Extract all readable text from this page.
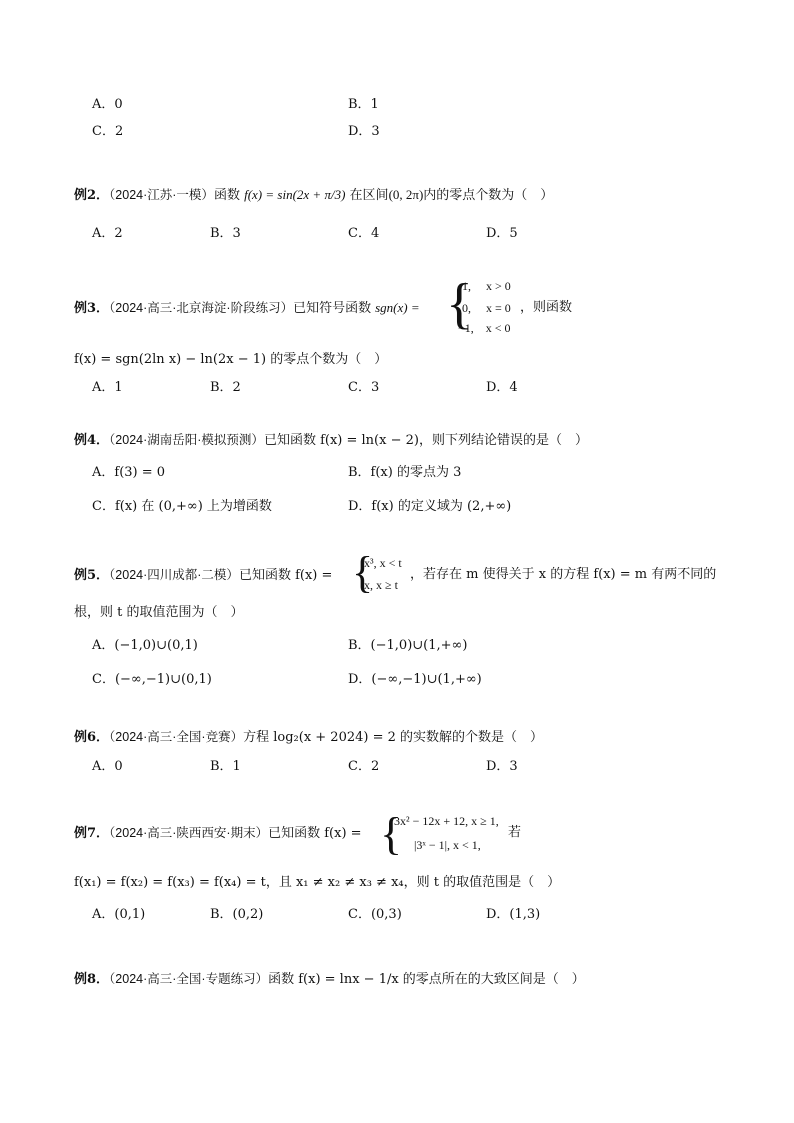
A．0	B．1
C．2	D．3
例2．（2024·江苏·一模）函数 f(x) = sin(2x + π/3) 在区间(0, 2π)内的零点个数为（　）
A．2	B．3	C．4	D．5
例3．（2024·高三·北京海淀·阶段练习）已知符号函数 sgn(x) = {
1,　 x > 0
0,　 x = 0
−1,　x < 0
，则函数
f(x) = sgn(2ln x) − ln(2x − 1) 的零点个数为（　）
A．1	B．2	C．3	D．4
例4．（2024·湖南岳阳·模拟预测）已知函数 f(x) = ln(x − 2)，则下列结论错误的是（　）
A．f(3) = 0	B．f(x) 的零点为 3
C．f(x) 在 (0,+∞) 上为增函数	D．f(x) 的定义域为 (2,+∞)
例5．（2024·四川成都·二模）已知函数 f(x) = {
x³, x < t
x, x ≥ t
，若存在 m 使得关于 x 的方程 f(x) = m 有两不同的
根，则 t 的取值范围为（　）
A．(−1,0)∪(0,1)	B．(−1,0)∪(1,+∞)
C．(−∞,−1)∪(0,1)	D．(−∞,−1)∪(1,+∞)
例6．（2024·高三·全国·竞赛）方程 log₂(x + 2024) = 2 的实数解的个数是（　）
A．0	B．1	C．2	D．3
例7．（2024·高三·陕西西安·期末）已知函数 f(x) = {
3x² − 12x + 12, x ≥ 1,
|3ˣ − 1|, x < 1,
若
f(x₁) = f(x₂) = f(x₃) = f(x₄) = t，且 x₁ ≠ x₂ ≠ x₃ ≠ x₄，则 t 的取值范围是（　）
A．(0,1)	B．(0,2)	C．(0,3)	D．(1,3)
例8．（2024·高三·全国·专题练习）函数 f(x) = lnx − 1/x 的零点所在的大致区间是（　）
